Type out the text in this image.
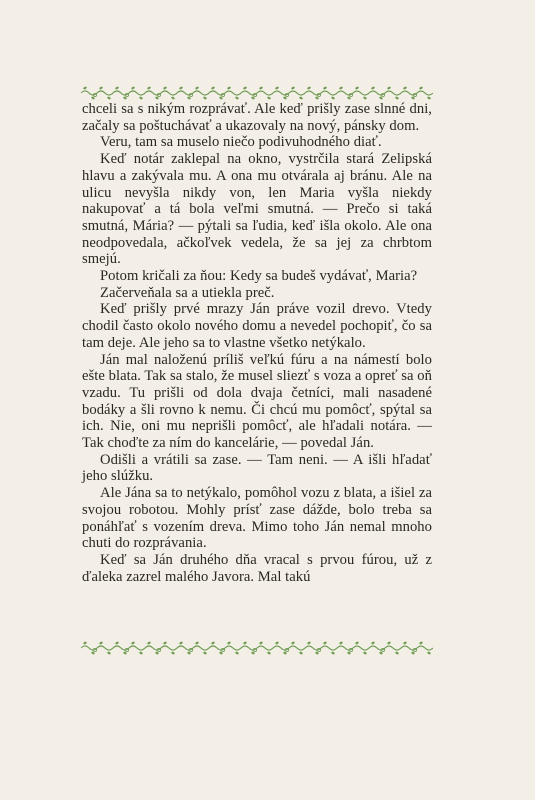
chceli sa s nikým rozprávať. Ale keď prišly zase slnné dni, začaly sa poštuchávať a ukazovaly na nový, pánsky dom.

Veru, tam sa muselo niečo podivuhodného diať.

Keď notár zaklepal na okno, vystrčila stará Zelipská hlavu a zakývala mu. A ona mu otvárala aj bránu. Ale na ulicu nevyšla nikdy von, len Maria vyšla niekdy nakupovať a tá bola veľmi smutná. — Prečo si taká smutná, Mária? — pýtali sa ľudia, keď išla okolo. Ale ona neodpovedala, ačkoľvek vedela, že sa jej za chrbtom smejú.

Potom kričali za ňou: Kedy sa budeš vydávať, Maria?

Začerveňala sa a utiekla preč.

Keď prišly prvé mrazy Ján práve vozil drevo. Vtedy chodil často okolo nového domu a nevedel pochopiť, čo sa tam deje. Ale jeho sa to vlastne všetko netýkalo.

Ján mal naloženú príliš veľkú fúru a na námestí bolo ešte blata. Tak sa stalo, že musel sliezť s voza a opreť sa oň vzadu. Tu prišli od dola dvaja četníci, mali nasadené bodáky a šli rovno k nemu. Či chcú mu pomôcť, spýtal sa ich. Nie, oni mu neprišli pomôcť, ale hľadali notára. — Tak choďte za ním do kancelárie, — povedal Ján.

Odišli a vrátili sa zase. — Tam neni. — A išli hľadať jeho slúžku.

Ale Jána sa to netýkalo, pomôhol vozu z blata, a išiel za svojou robotou. Mohly prísť zase dážde, bolo treba sa ponáhľať s vozením dreva. Mimo toho Ján nemal mnoho chuti do rozprávania.

Keď sa Ján druhého dňa vracal s prvou fúrou, už z ďaleka zazrel malého Javora. Mal takú
